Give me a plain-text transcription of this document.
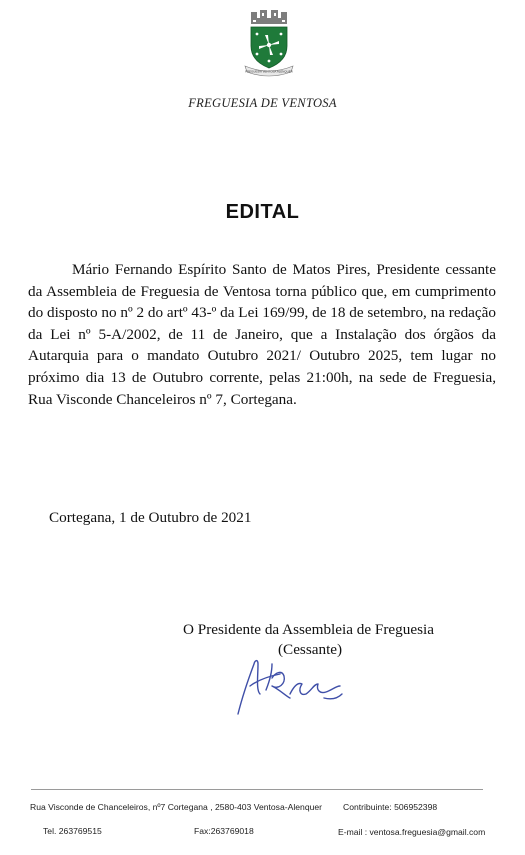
FREGUESIA VENTOSA ALENQUER
FREGUESIA DE VENTOSA
EDITAL
Mário Fernando Espírito Santo de Matos Pires, Presidente cessante da Assembleia de Freguesia de Ventosa torna público que, em cumprimento do disposto no nº 2 do artº 43-º da Lei 169/99, de 18 de setembro, na redação da Lei nº 5-A/2002, de 11 de Janeiro, que a Instalação dos órgãos da Autarquia para o mandato Outubro 2021/ Outubro 2025, tem lugar no próximo dia 13 de Outubro corrente, pelas 21:00h, na sede de Freguesia, Rua Visconde Chanceleiros nº 7, Cortegana.
Cortegana, 1 de Outubro de 2021
O Presidente da Assembleia de Freguesia
(Cessante)
Rua Visconde de Chanceleiros, nº7 Cortegana , 2580-403 Ventosa-Alenquer Contribuinte: 506952398
Tel. 263769515	Fax:263769018	E-mail : ventosa.freguesia@gmail.com
